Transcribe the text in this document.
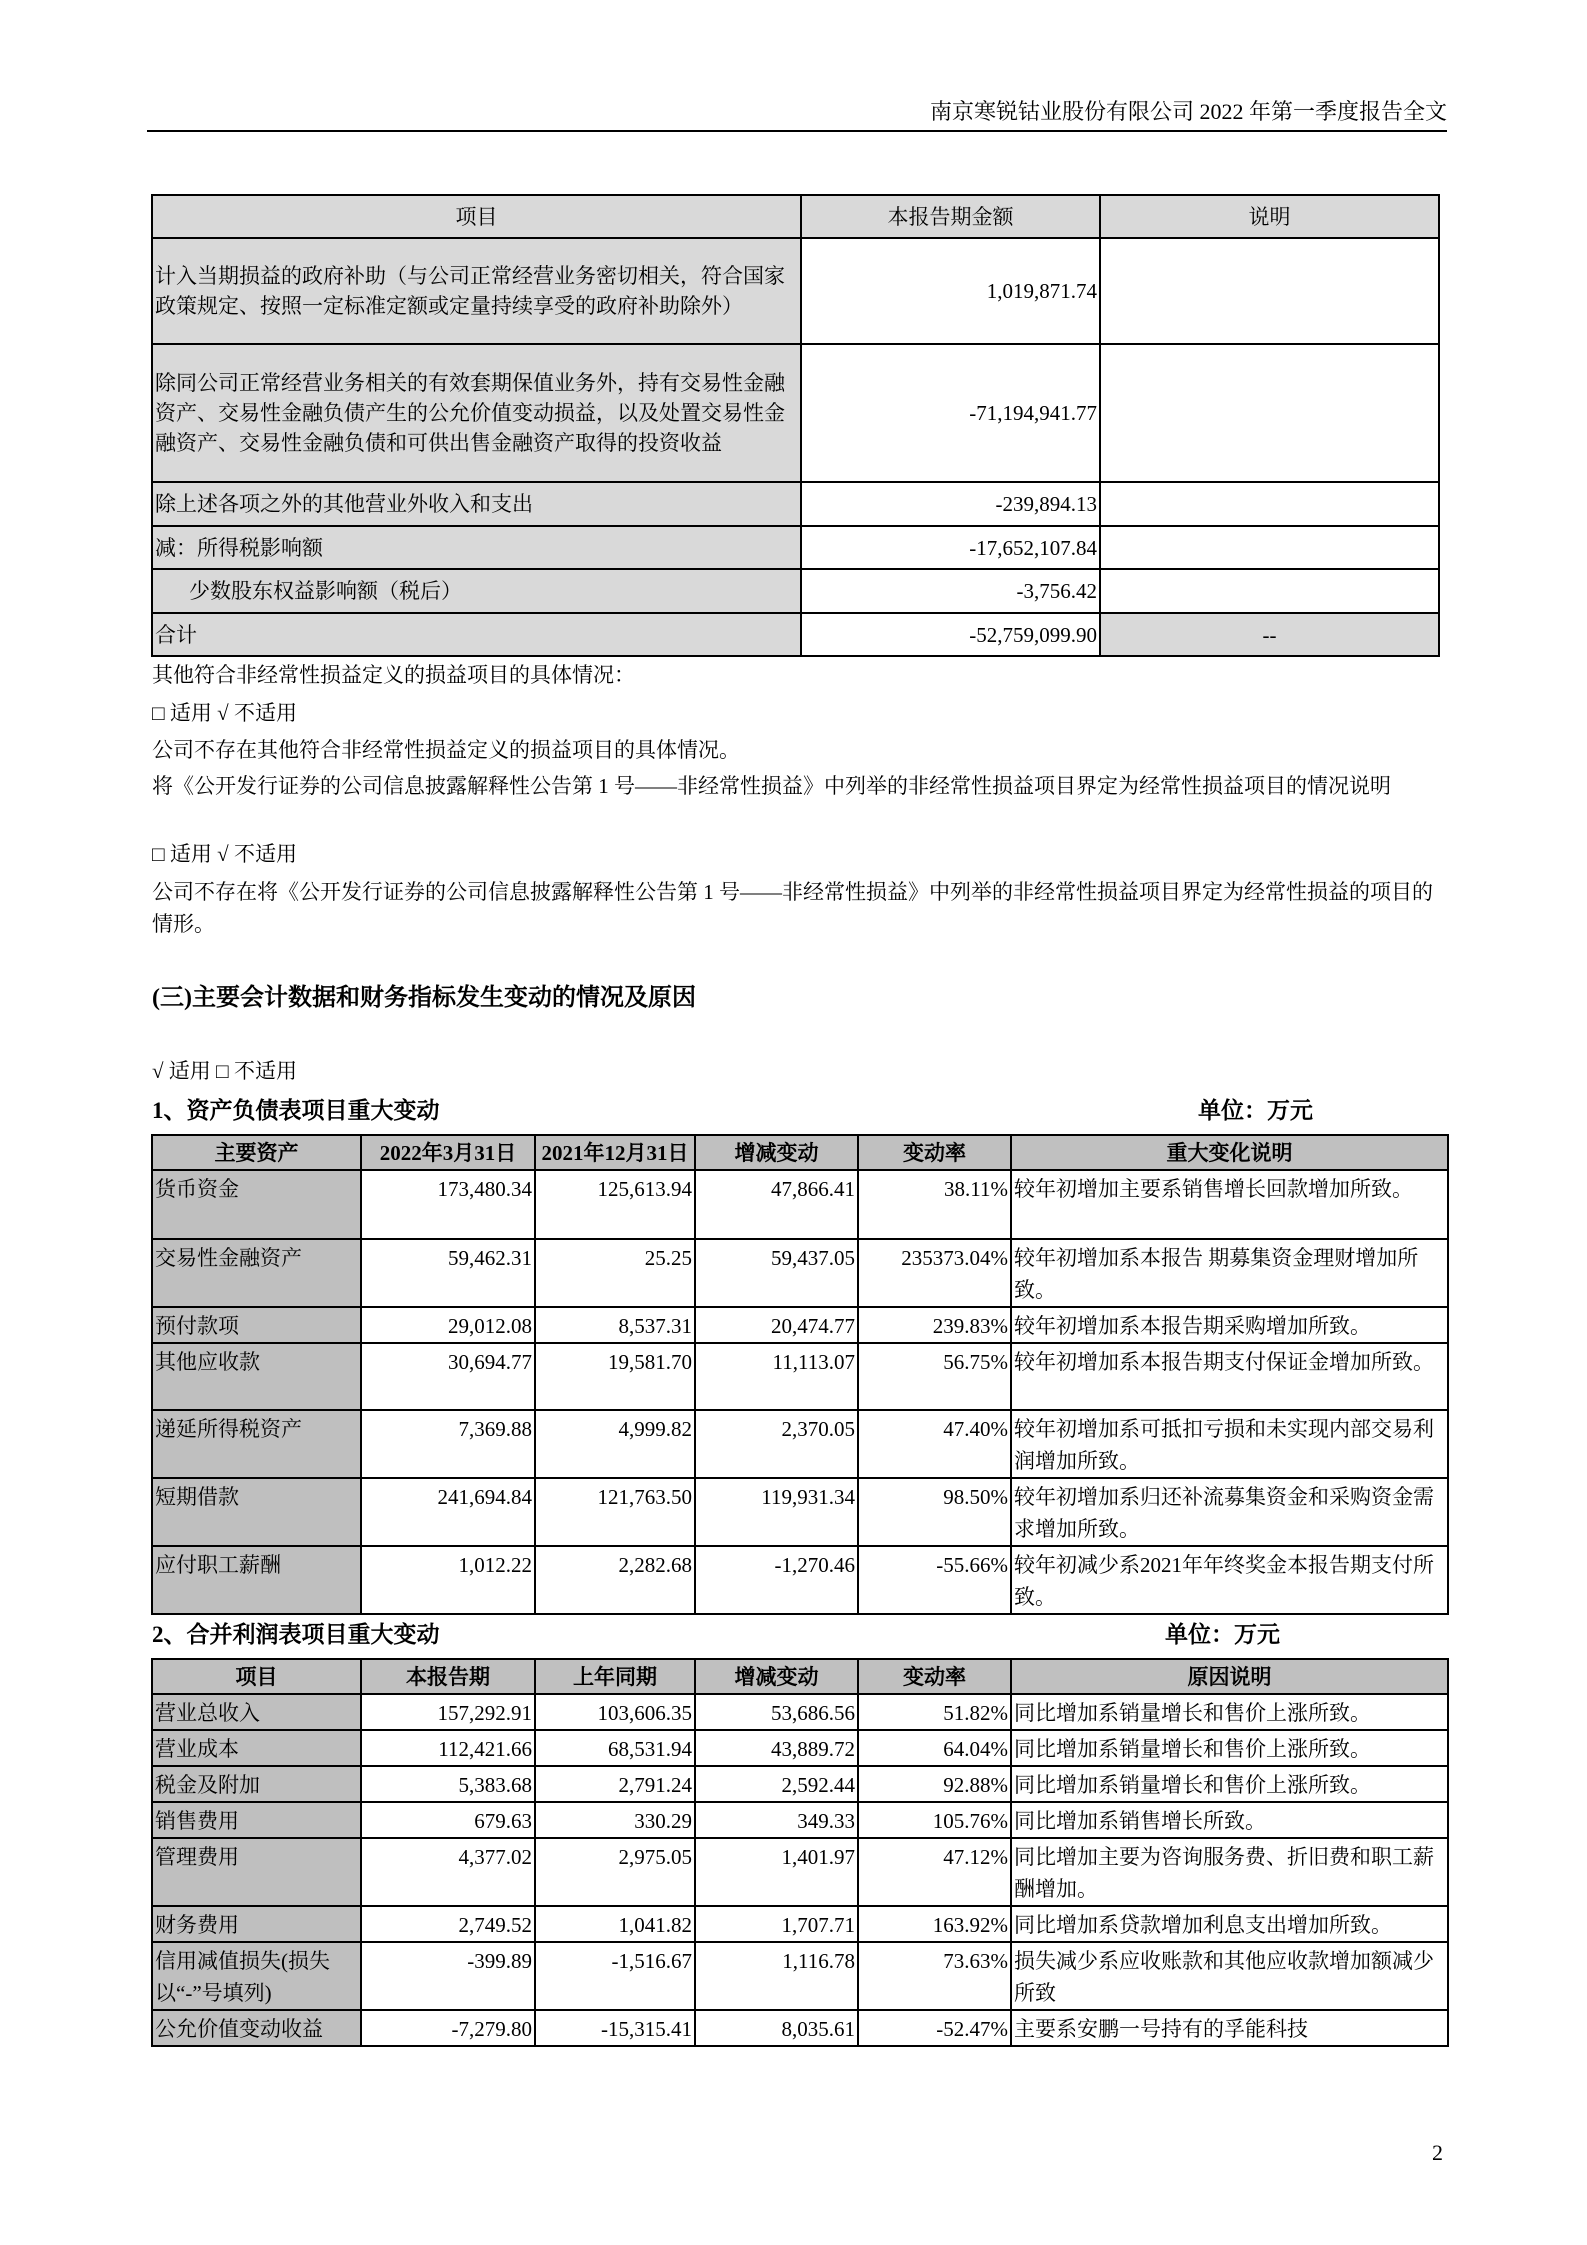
南京寒锐钴业股份有限公司 2022 年第一季度报告全文
项目	本报告期金额	说明
计入当期损益的政府补助（与公司正常经营业务密切相关，符合国家政策规定、按照一定标准定额或定量持续享受的政府补助除外）	1,019,871.74	
除同公司正常经营业务相关的有效套期保值业务外，持有交易性金融资产、交易性金融负债产生的公允价值变动损益，以及处置交易性金融资产、交易性金融负债和可供出售金融资产取得的投资收益	-71,194,941.77	
除上述各项之外的其他营业外收入和支出	-239,894.13	
减：所得税影响额	-17,652,107.84	
少数股东权益影响额（税后）	-3,756.42	
合计	-52,759,099.90	--
其他符合非经常性损益定义的损益项目的具体情况：
□ 适用 √ 不适用
公司不存在其他符合非经常性损益定义的损益项目的具体情况。
将《公开发行证券的公司信息披露解释性公告第 1 号——非经常性损益》中列举的非经常性损益项目界定为经常性损益项目的情况说明
□ 适用 √ 不适用
公司不存在将《公开发行证券的公司信息披露解释性公告第 1 号——非经常性损益》中列举的非经常性损益项目界定为经常性损益的项目的情形。
(三)主要会计数据和财务指标发生变动的情况及原因
√ 适用 □ 不适用
1、资产负债表项目重大变动	单位：万元
主要资产	2022年3月31日	2021年12月31日	增减变动	变动率	重大变化说明
货币资金	173,480.34	125,613.94	47,866.41	38.11%	较年初增加主要系销售增长回款增加所致。
交易性金融资产	59,462.31	25.25	59,437.05	235373.04%	较年初增加系本报告 期募集资金理财增加所致。
预付款项	29,012.08	8,537.31	20,474.77	239.83%	较年初增加系本报告期采购增加所致。
其他应收款	30,694.77	19,581.70	11,113.07	56.75%	较年初增加系本报告期支付保证金增加所致。
递延所得税资产	7,369.88	4,999.82	2,370.05	47.40%	较年初增加系可抵扣亏损和未实现内部交易利润增加所致。
短期借款	241,694.84	121,763.50	119,931.34	98.50%	较年初增加系归还补流募集资金和采购资金需求增加所致。
应付职工薪酬	1,012.22	2,282.68	-1,270.46	-55.66%	较年初减少系2021年年终奖金本报告期支付所致。
2、合并利润表项目重大变动	单位：万元
项目	本报告期	上年同期	增减变动	变动率	原因说明
营业总收入	157,292.91	103,606.35	53,686.56	51.82%	同比增加系销量增长和售价上涨所致。
营业成本	112,421.66	68,531.94	43,889.72	64.04%	同比增加系销量增长和售价上涨所致。
税金及附加	5,383.68	2,791.24	2,592.44	92.88%	同比增加系销量增长和售价上涨所致。
销售费用	679.63	330.29	349.33	105.76%	同比增加系销售增长所致。
管理费用	4,377.02	2,975.05	1,401.97	47.12%	同比增加主要为咨询服务费、折旧费和职工薪酬增加。
财务费用	2,749.52	1,041.82	1,707.71	163.92%	同比增加系贷款增加利息支出增加所致。
信用减值损失(损失以“-”号填列)	-399.89	-1,516.67	1,116.78	73.63%	损失减少系应收账款和其他应收款增加额减少所致
公允价值变动收益	-7,279.80	-15,315.41	8,035.61	-52.47%	主要系安鹏一号持有的孚能科技
2
